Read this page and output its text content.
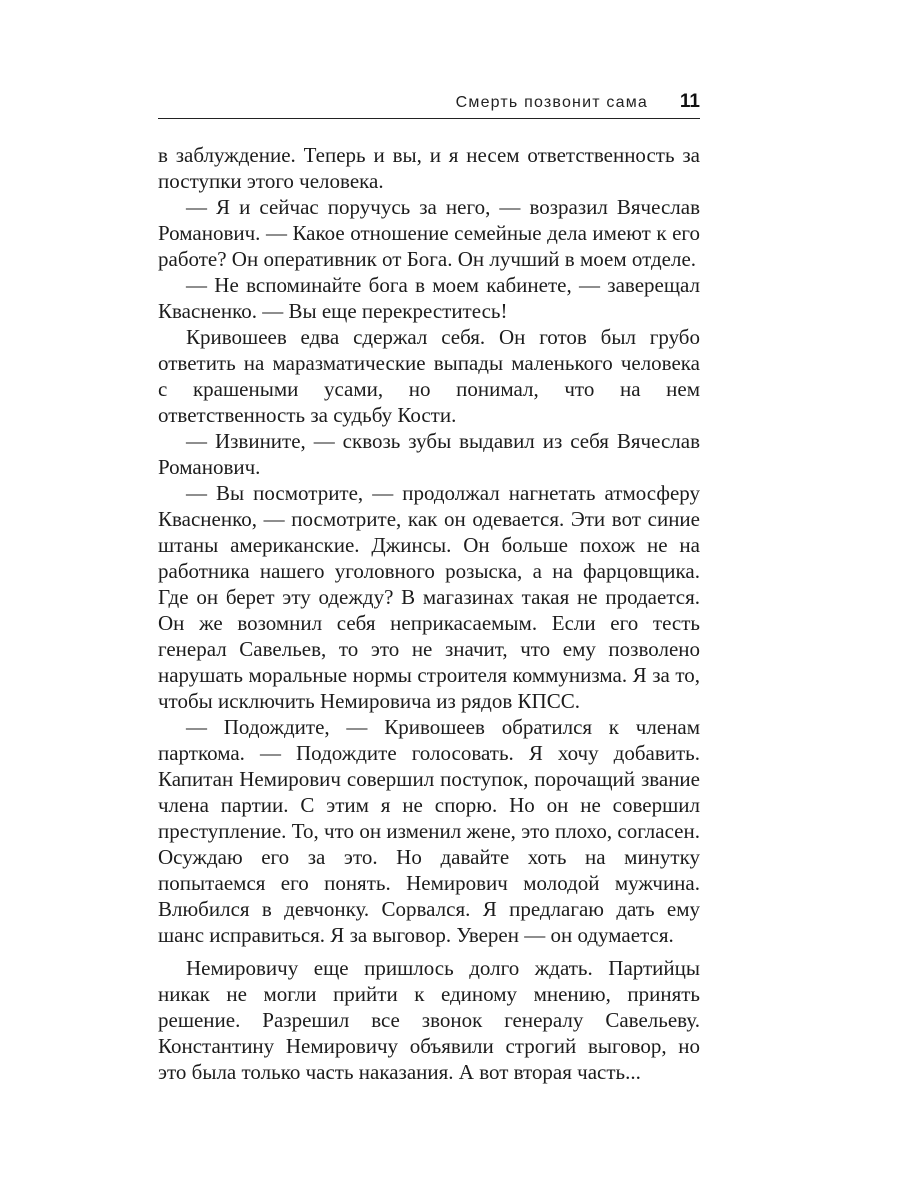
Смерть позвонит сама 11

в заблуждение. Теперь и вы, и я несем ответственность за поступки этого человека.

— Я и сейчас поручусь за него, — возразил Вячеслав Романович. — Какое отношение семейные дела имеют к его работе? Он оперативник от Бога. Он лучший в моем отделе.

— Не вспоминайте бога в моем кабинете, — заверещал Квасненко. — Вы еще перекреститесь!

Кривошеев едва сдержал себя. Он готов был грубо ответить на маразматические выпады маленького человека с крашеными усами, но понимал, что на нем ответственность за судьбу Кости.

— Извините, — сквозь зубы выдавил из себя Вячеслав Романович.

— Вы посмотрите, — продолжал нагнетать атмосферу Квасненко, — посмотрите, как он одевается. Эти вот синие штаны американские. Джинсы. Он больше похож не на работника нашего уголовного розыска, а на фарцовщика. Где он берет эту одежду? В магазинах такая не продается. Он же возомнил себя неприкасаемым. Если его тесть генерал Савельев, то это не значит, что ему позволено нарушать моральные нормы строителя коммунизма. Я за то, чтобы исключить Немировича из рядов КПСС.

— Подождите, — Кривошеев обратился к членам парткома. — Подождите голосовать. Я хочу добавить. Капитан Немирович совершил поступок, порочащий звание члена партии. С этим я не спорю. Но он не совершил преступление. То, что он изменил жене, это плохо, согласен. Осуждаю его за это. Но давайте хоть на минутку попытаемся его понять. Немирович молодой мужчина. Влюбился в девчонку. Сорвался. Я предлагаю дать ему шанс исправиться. Я за выговор. Уверен — он одумается.

Немировичу еще пришлось долго ждать. Партийцы никак не могли прийти к единому мнению, принять решение. Разрешил все звонок генералу Савельеву. Константину Немировичу объявили строгий выговор, но это была только часть наказания. А вот вторая часть...
